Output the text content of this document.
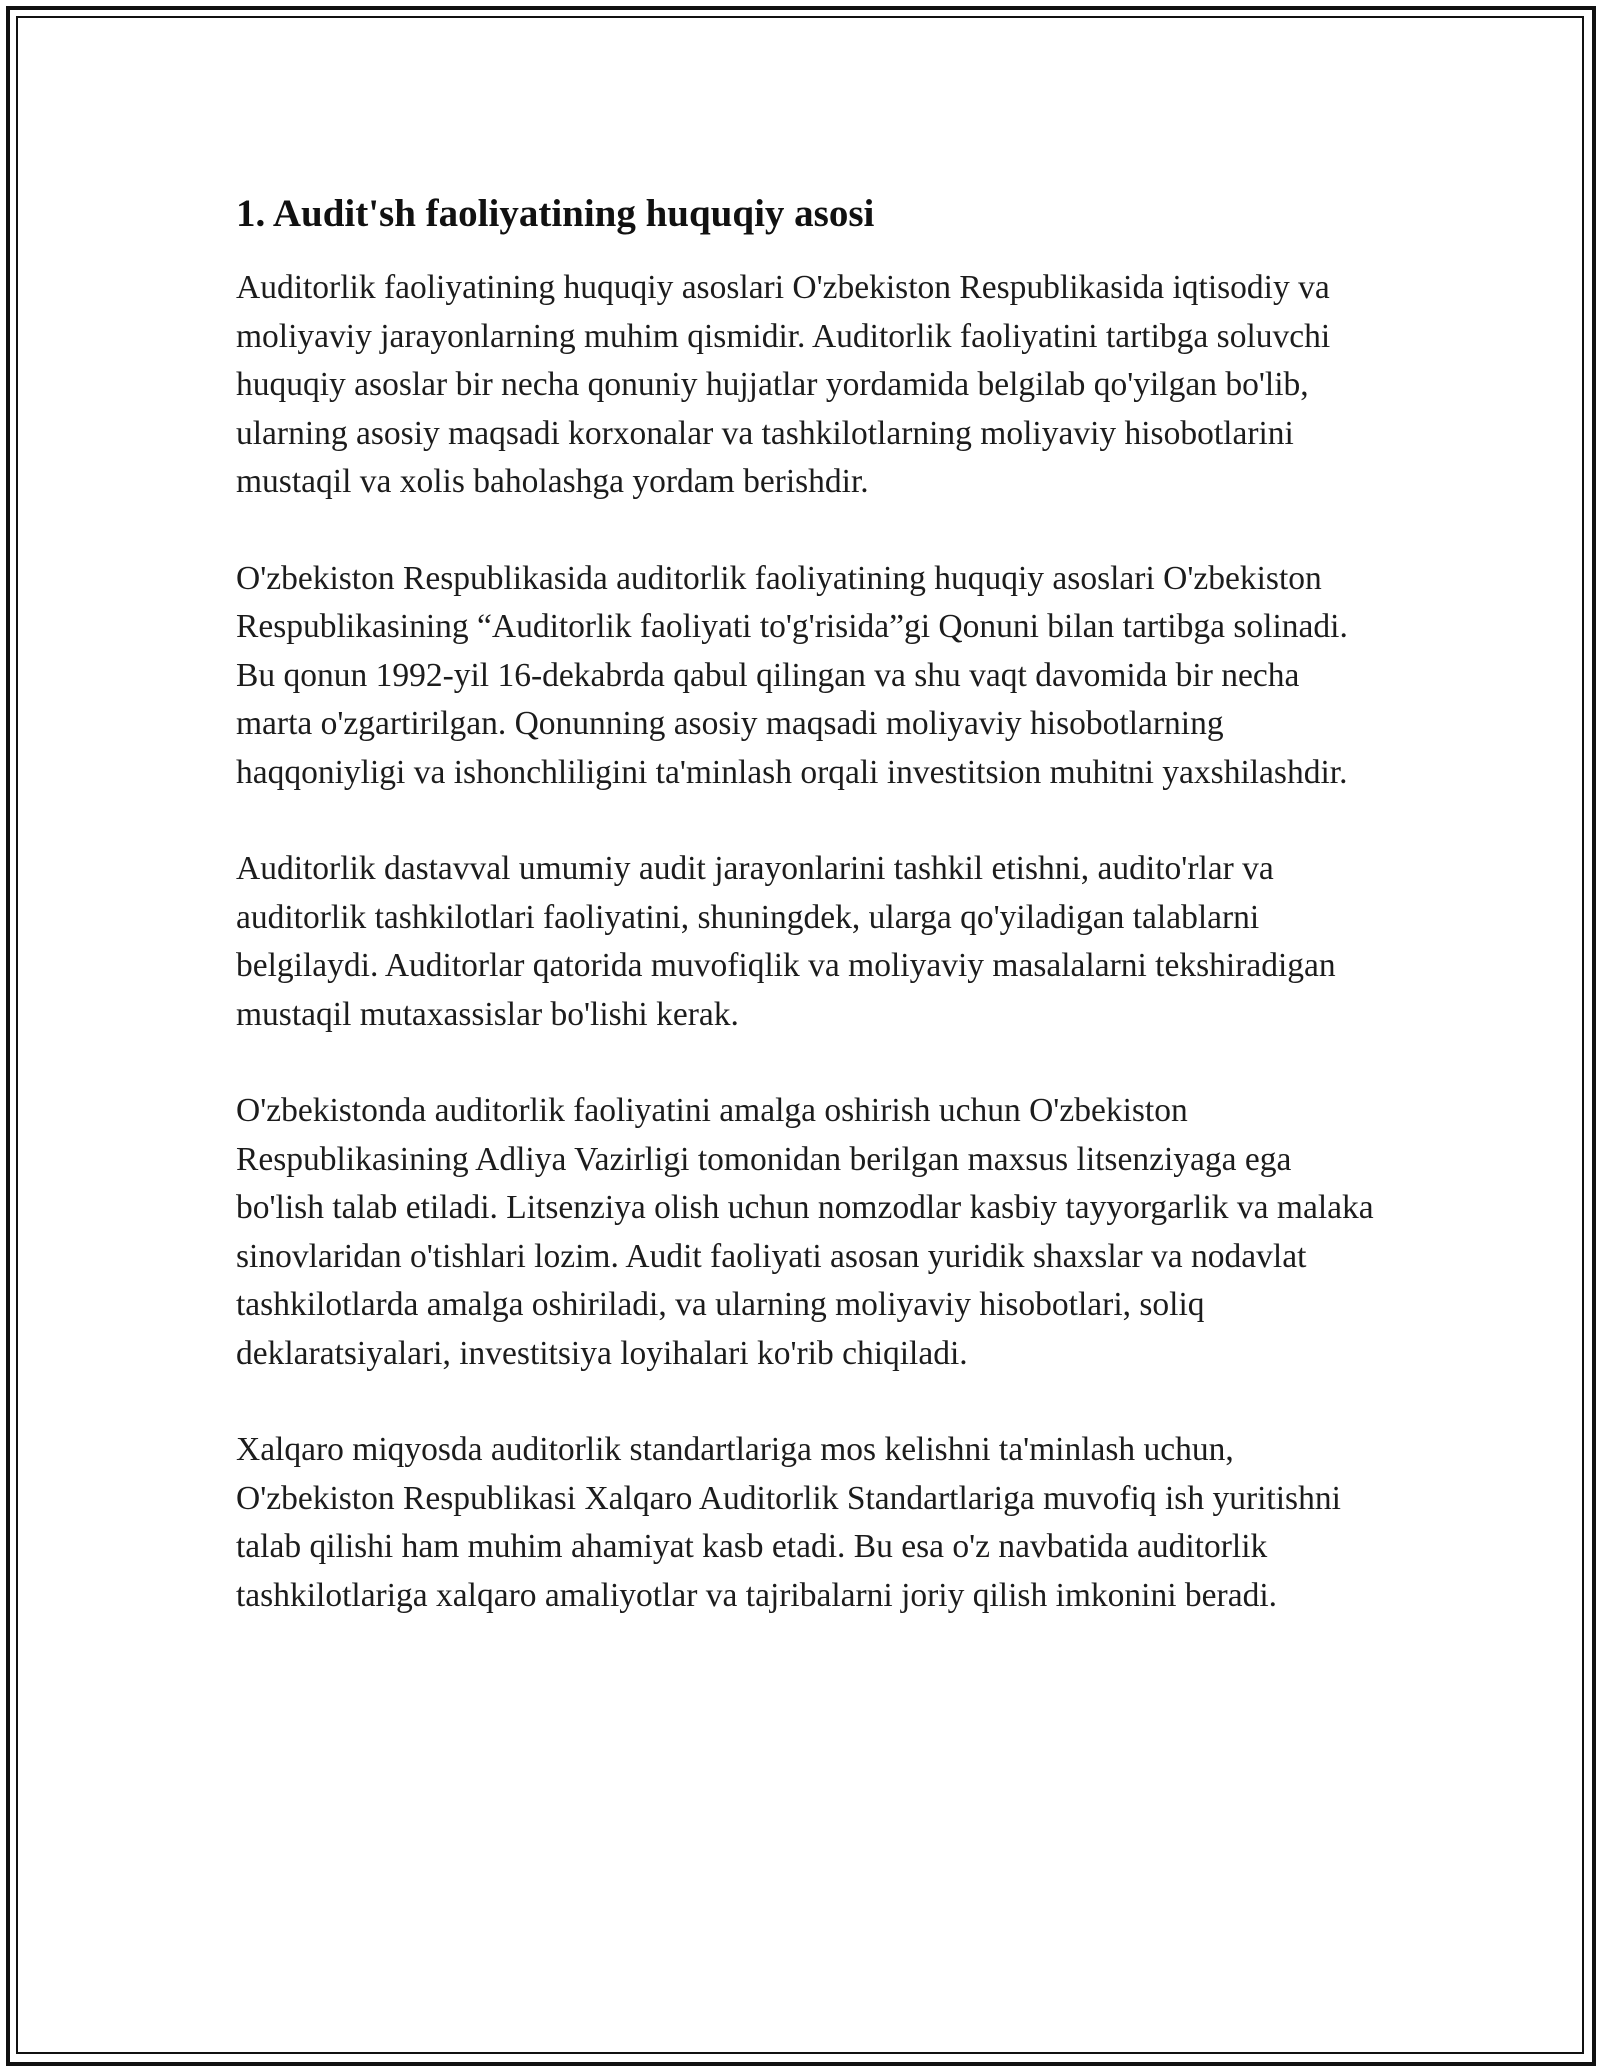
1. Audit'sh faoliyatining huquqiy asosi

Auditorlik faoliyatining huquqiy asoslari O'zbekiston Respublikasida iqtisodiy va moliyaviy jarayonlarning muhim qismidir. Auditorlik faoliyatini tartibga soluvchi huquqiy asoslar bir necha qonuniy hujjatlar yordamida belgilab qo'yilgan bo'lib, ularning asosiy maqsadi korxonalar va tashkilotlarning moliyaviy hisobotlarini mustaqil va xolis baholashga yordam berishdir.

O'zbekiston Respublikasida auditorlik faoliyatining huquqiy asoslari O'zbekiston Respublikasining “Auditorlik faoliyati to'g'risida”gi Qonuni bilan tartibga solinadi. Bu qonun 1992-yil 16-dekabrda qabul qilingan va shu vaqt davomida bir necha marta o'zgartirilgan. Qonunning asosiy maqsadi moliyaviy hisobotlarning haqqoniyligi va ishonchliligini ta'minlash orqali investitsion muhitni yaxshilashdir.

Auditorlik dastavval umumiy audit jarayonlarini tashkil etishni, audito'rlar va auditorlik tashkilotlari faoliyatini, shuningdek, ularga qo'yiladigan talablarni belgilaydi. Auditorlar qatorida muvofiqlik va moliyaviy masalalarni tekshiradigan mustaqil mutaxassislar bo'lishi kerak.

O'zbekistonda auditorlik faoliyatini amalga oshirish uchun O'zbekiston Respublikasining Adliya Vazirligi tomonidan berilgan maxsus litsenziyaga ega bo'lish talab etiladi. Litsenziya olish uchun nomzodlar kasbiy tayyorgarlik va malaka sinovlaridan o'tishlari lozim. Audit faoliyati asosan yuridik shaxslar va nodavlat tashkilotlarda amalga oshiriladi, va ularning moliyaviy hisobotlari, soliq deklaratsiyalari, investitsiya loyihalari ko'rib chiqiladi.

Xalqaro miqyosda auditorlik standartlariga mos kelishni ta'minlash uchun, O'zbekiston Respublikasi Xalqaro Auditorlik Standartlariga muvofiq ish yuritishni talab qilishi ham muhim ahamiyat kasb etadi. Bu esa o'z navbatida auditorlik tashkilotlariga xalqaro amaliyotlar va tajribalarni joriy qilish imkonini beradi.
